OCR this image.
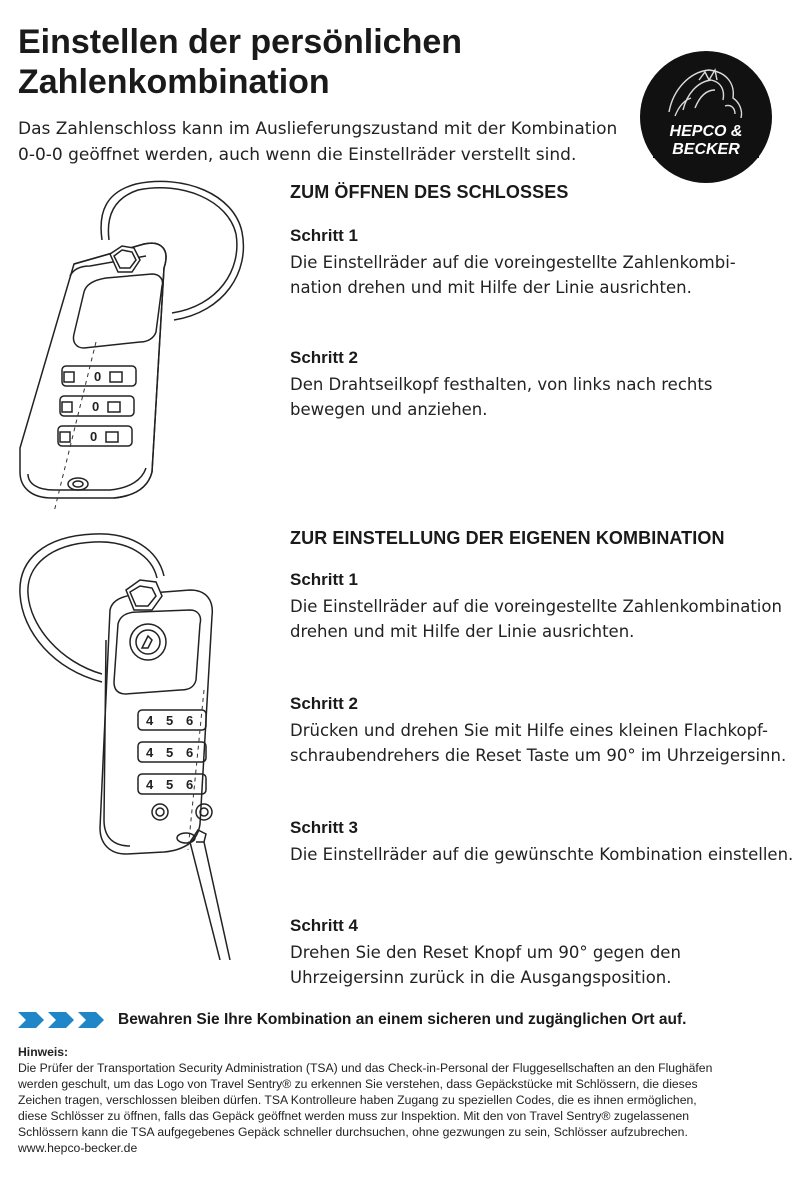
Einstellen der persönlichen
Zahlenkombination
Das Zahlenschloss kann im Auslieferungszustand mit der Kombination
0-0-0 geöffnet werden, auch wenn die Einstellräder verstellt sind.
HEPCO &
BECKER
0
0
0
4 5 6
4 5 6
4 5 6
ZUM ÖFFNEN DES SCHLOSSES
Schritt 1
Die Einstellräder auf die voreingestellte Zahlenkombi-
nation drehen und mit Hilfe der Linie ausrichten.
Schritt 2
Den Drahtseilkopf festhalten, von links nach rechts
bewegen und anziehen.
ZUR EINSTELLUNG DER EIGENEN KOMBINATION
Schritt 1
Die Einstellräder auf die voreingestellte Zahlenkombination
drehen und mit Hilfe der Linie ausrichten.
Schritt 2
Drücken und drehen Sie mit Hilfe eines kleinen Flachkopf-
schraubendrehers die Reset Taste um 90° im Uhrzeigersinn.
Schritt 3
Die Einstellräder auf die gewünschte Kombination einstellen.
Schritt 4
Drehen Sie den Reset Knopf um 90° gegen den
Uhrzeigersinn zurück in die Ausgangsposition.
Bewahren Sie Ihre Kombination an einem sicheren und zugänglichen Ort auf.
Hinweis:
Die Prüfer der Transportation Security Administration (TSA) und das Check-in-Personal der Fluggesellschaften an den Flughäfen
werden geschult, um das Logo von Travel Sentry® zu erkennen Sie verstehen, dass Gepäckstücke mit Schlössern, die dieses
Zeichen tragen, verschlossen bleiben dürfen. TSA Kontrolleure haben Zugang zu speziellen Codes, die es ihnen ermöglichen,
diese Schlösser zu öffnen, falls das Gepäck geöffnet werden muss zur Inspektion. Mit den von Travel Sentry® zugelassenen
Schlössern kann die TSA aufgegebenes Gepäck schneller durchsuchen, ohne gezwungen zu sein, Schlösser aufzubrechen.
www.hepco-becker.de
